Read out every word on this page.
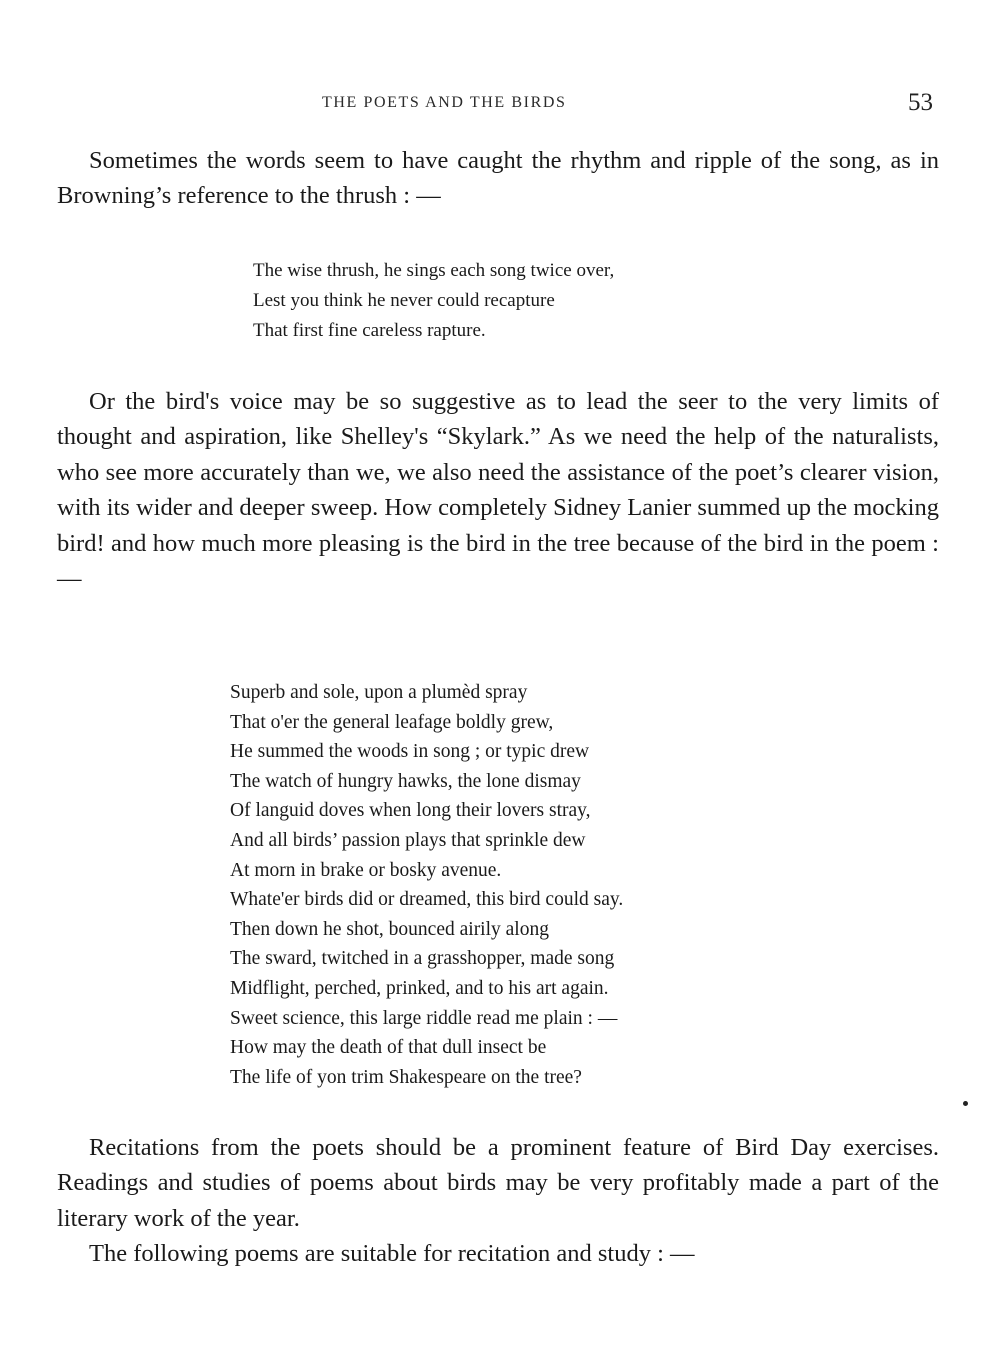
THE POETS AND THE BIRDS	53

Sometimes the words seem to have caught the rhythm and ripple of the song, as in Browning’s reference to the thrush : —

The wise thrush, he sings each song twice over,
Lest you think he never could recapture
That first fine careless rapture.

Or the bird's voice may be so suggestive as to lead the seer to the very limits of thought and aspiration, like Shelley's “Skylark.” As we need the help of the naturalists, who see more accurately than we, we also need the assistance of the poet’s clearer vision, with its wider and deeper sweep. How completely Sidney Lanier summed up the mocking bird! and how much more pleasing is the bird in the tree because of the bird in the poem : —

Superb and sole, upon a plumèd spray
That o'er the general leafage boldly grew,
He summed the woods in song ; or typic drew
The watch of hungry hawks, the lone dismay
Of languid doves when long their lovers stray,
And all birds’ passion plays that sprinkle dew
At morn in brake or bosky avenue.
Whate'er birds did or dreamed, this bird could say.
Then down he shot, bounced airily along
The sward, twitched in a grasshopper, made song
Midflight, perched, prinked, and to his art again.
Sweet science, this large riddle read me plain : —
How may the death of that dull insect be
The life of yon trim Shakespeare on the tree?

Recitations from the poets should be a prominent feature of Bird Day exercises. Readings and studies of poems about birds may be very profitably made a part of the literary work of the year.

The following poems are suitable for recitation and study : —
